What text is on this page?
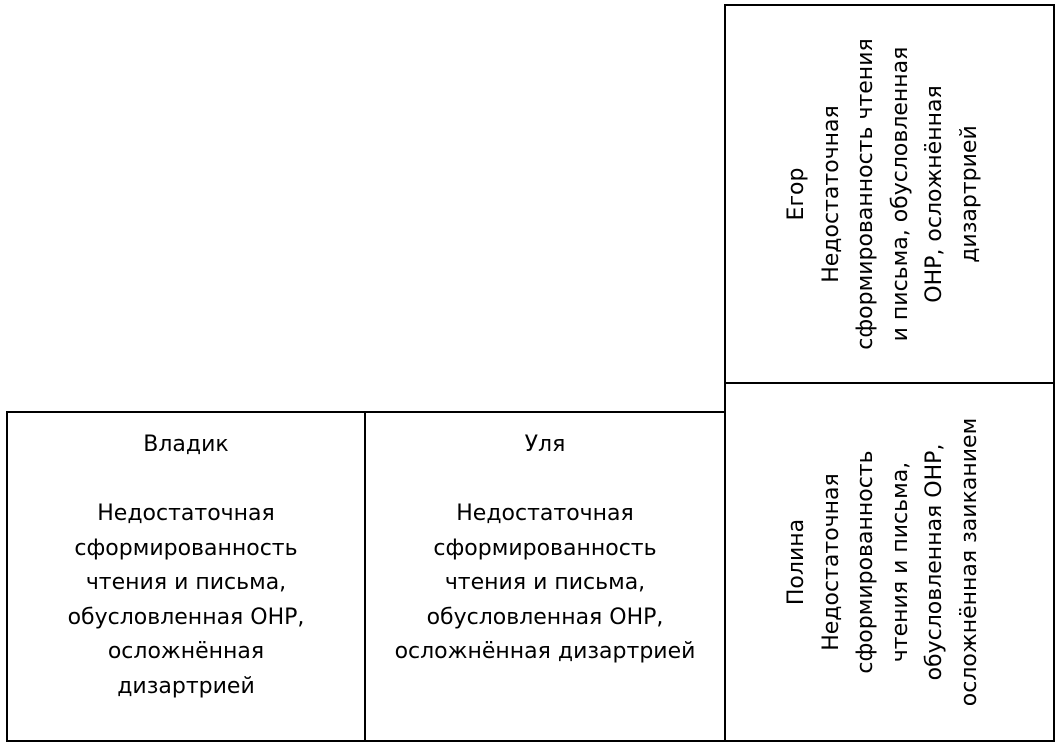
Владик
Недостаточная
сформированность
чтения и письма,
обусловленная ОНР,
осложнённая
дизартрией
Уля
Недостаточная
сформированность
чтения и письма,
обусловленная ОНР,
осложнённая дизартрией
Егор
Недостаточная
сформированность чтения
и письма, обусловленная
ОНР, осложнённая
дизартрией
Полина
Недостаточная
сформированность
чтения и письма,
обусловленная ОНР,
осложнённая заиканием
